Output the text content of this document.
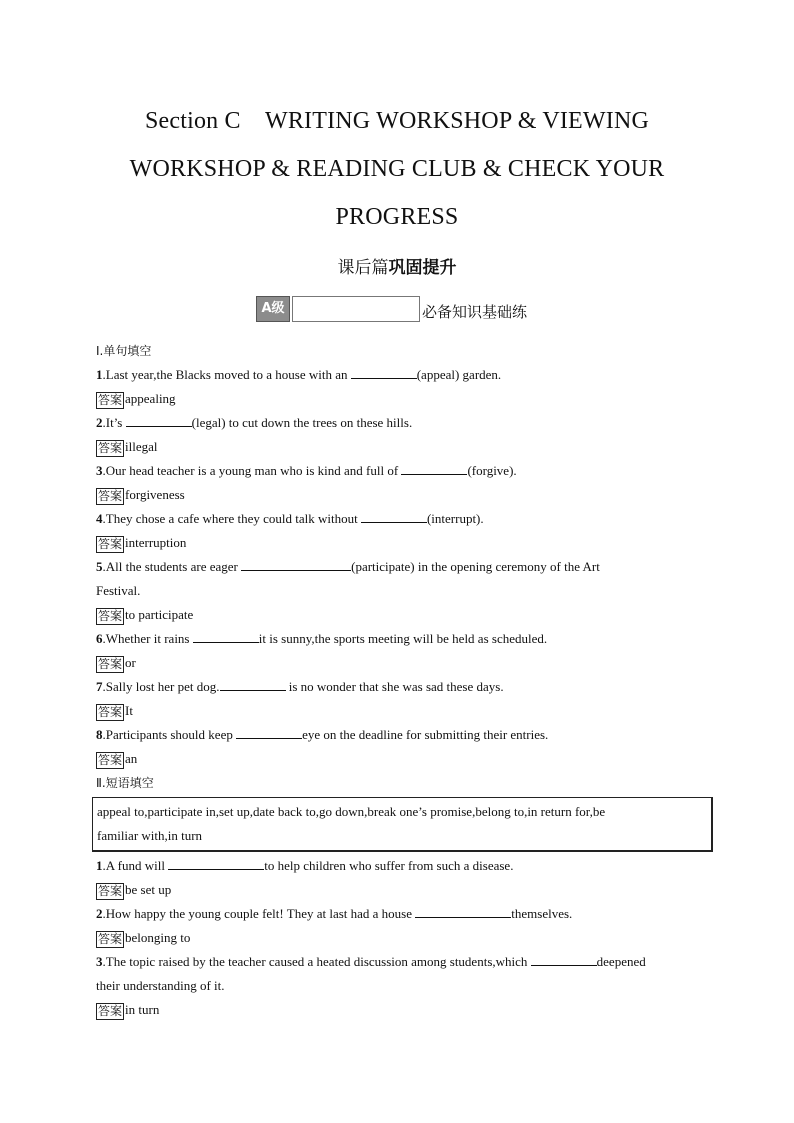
Section C　WRITING WORKSHOP & VIEWING
WORKSHOP & READING CLUB & CHECK YOUR
PROGRESS
课后篇巩固提升
A级	必备知识基础练
Ⅰ.单句填空
1.Last year,the Blacks moved to a house with an	(appeal) garden.
答案 appealing
2.It’s	(legal) to cut down the trees on these hills.
答案 illegal
3.Our head teacher is a young man who is kind and full of	(forgive).
答案 forgiveness
4.They chose a cafe where they could talk without	(interrupt).
答案 interruption
5.All the students are eager	(participate) in the opening ceremony of the Art
Festival.
答案 to participate
6.Whether it rains	it is sunny,the sports meeting will be held as scheduled.
答案 or
7.Sally lost her pet dog.	is no wonder that she was sad these days.
答案 It
8.Participants should keep	eye on the deadline for submitting their entries.
答案 an
Ⅱ.短语填空
appeal to,participate in,set up,date back to,go down,break one’s promise,belong to,in return for,be
familiar with,in turn
1.A fund will	to help children who suffer from such a disease.
答案 be set up
2.How happy the young couple felt! They at last had a house	themselves.
答案 belonging to
3.The topic raised by the teacher caused a heated discussion among students,which	deepened
their understanding of it.
答案 in turn
